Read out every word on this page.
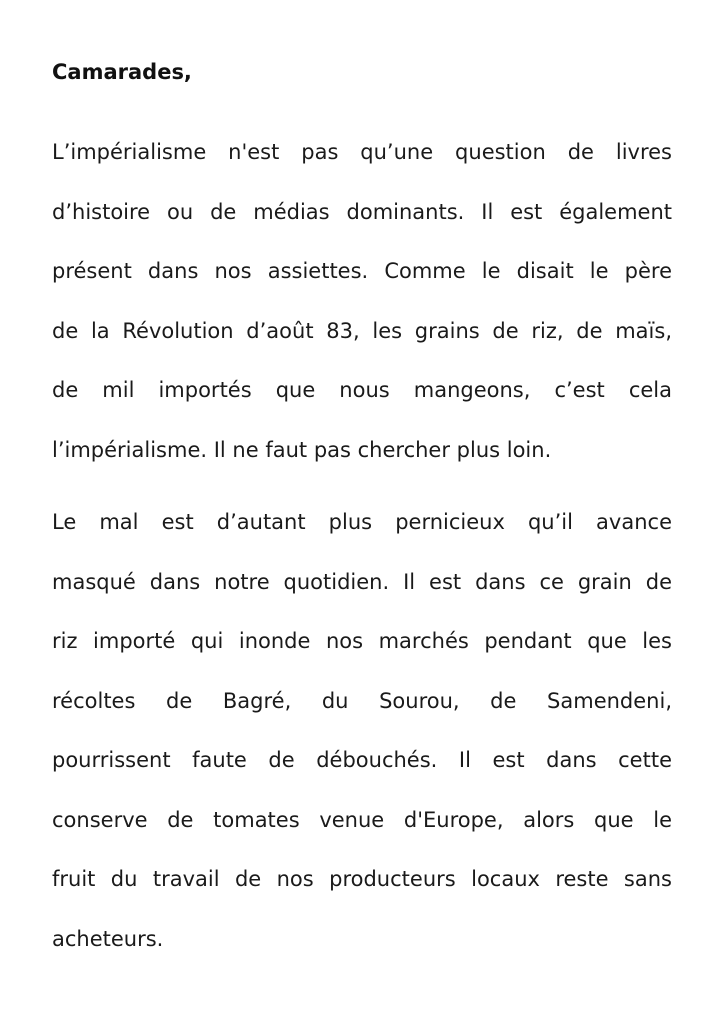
Camarades,

L’impérialisme n'est pas qu’une question de livres
d’histoire ou de médias dominants. Il est également
présent dans nos assiettes. Comme le disait le père
de la Révolution d’août 83, les grains de riz, de maïs,
de mil importés que nous mangeons, c’est cela
l’impérialisme. Il ne faut pas chercher plus loin.
Le mal est d’autant plus pernicieux qu’il avance
masqué dans notre quotidien. Il est dans ce grain de
riz importé qui inonde nos marchés pendant que les
récoltes de Bagré, du Sourou, de Samendeni,
pourrissent faute de débouchés. Il est dans cette
conserve de tomates venue d'Europe, alors que le
fruit du travail de nos producteurs locaux reste sans
acheteurs.
